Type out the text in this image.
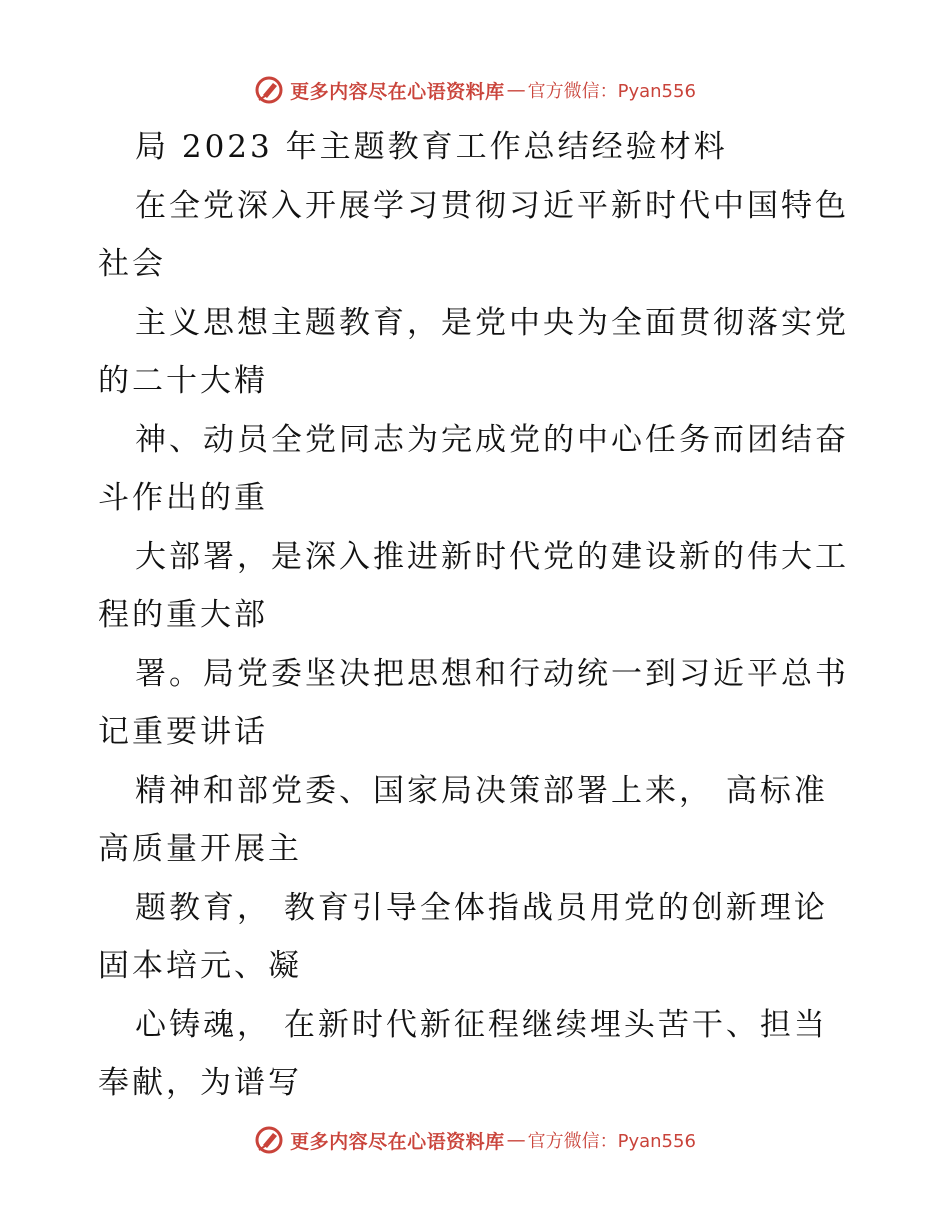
更多内容尽在心语资料库 — 官方微信：Pyan556
局 2023 年主题教育工作总结经验材料
在全党深入开展学习贯彻习近平新时代中国特色
社会
主义思想主题教育，是党中央为全面贯彻落实党
的二十大精
神、动员全党同志为完成党的中心任务而团结奋
斗作出的重
大部署，是深入推进新时代党的建设新的伟大工
程的重大部
署。局党委坚决把思想和行动统一到习近平总书
记重要讲话
精神和部党委、国家局决策部署上来， 高标准
高质量开展主
题教育， 教育引导全体指战员用党的创新理论
固本培元、凝
心铸魂， 在新时代新征程继续埋头苦干、担当
奉献，为谱写
更多内容尽在心语资料库 — 官方微信：Pyan556
